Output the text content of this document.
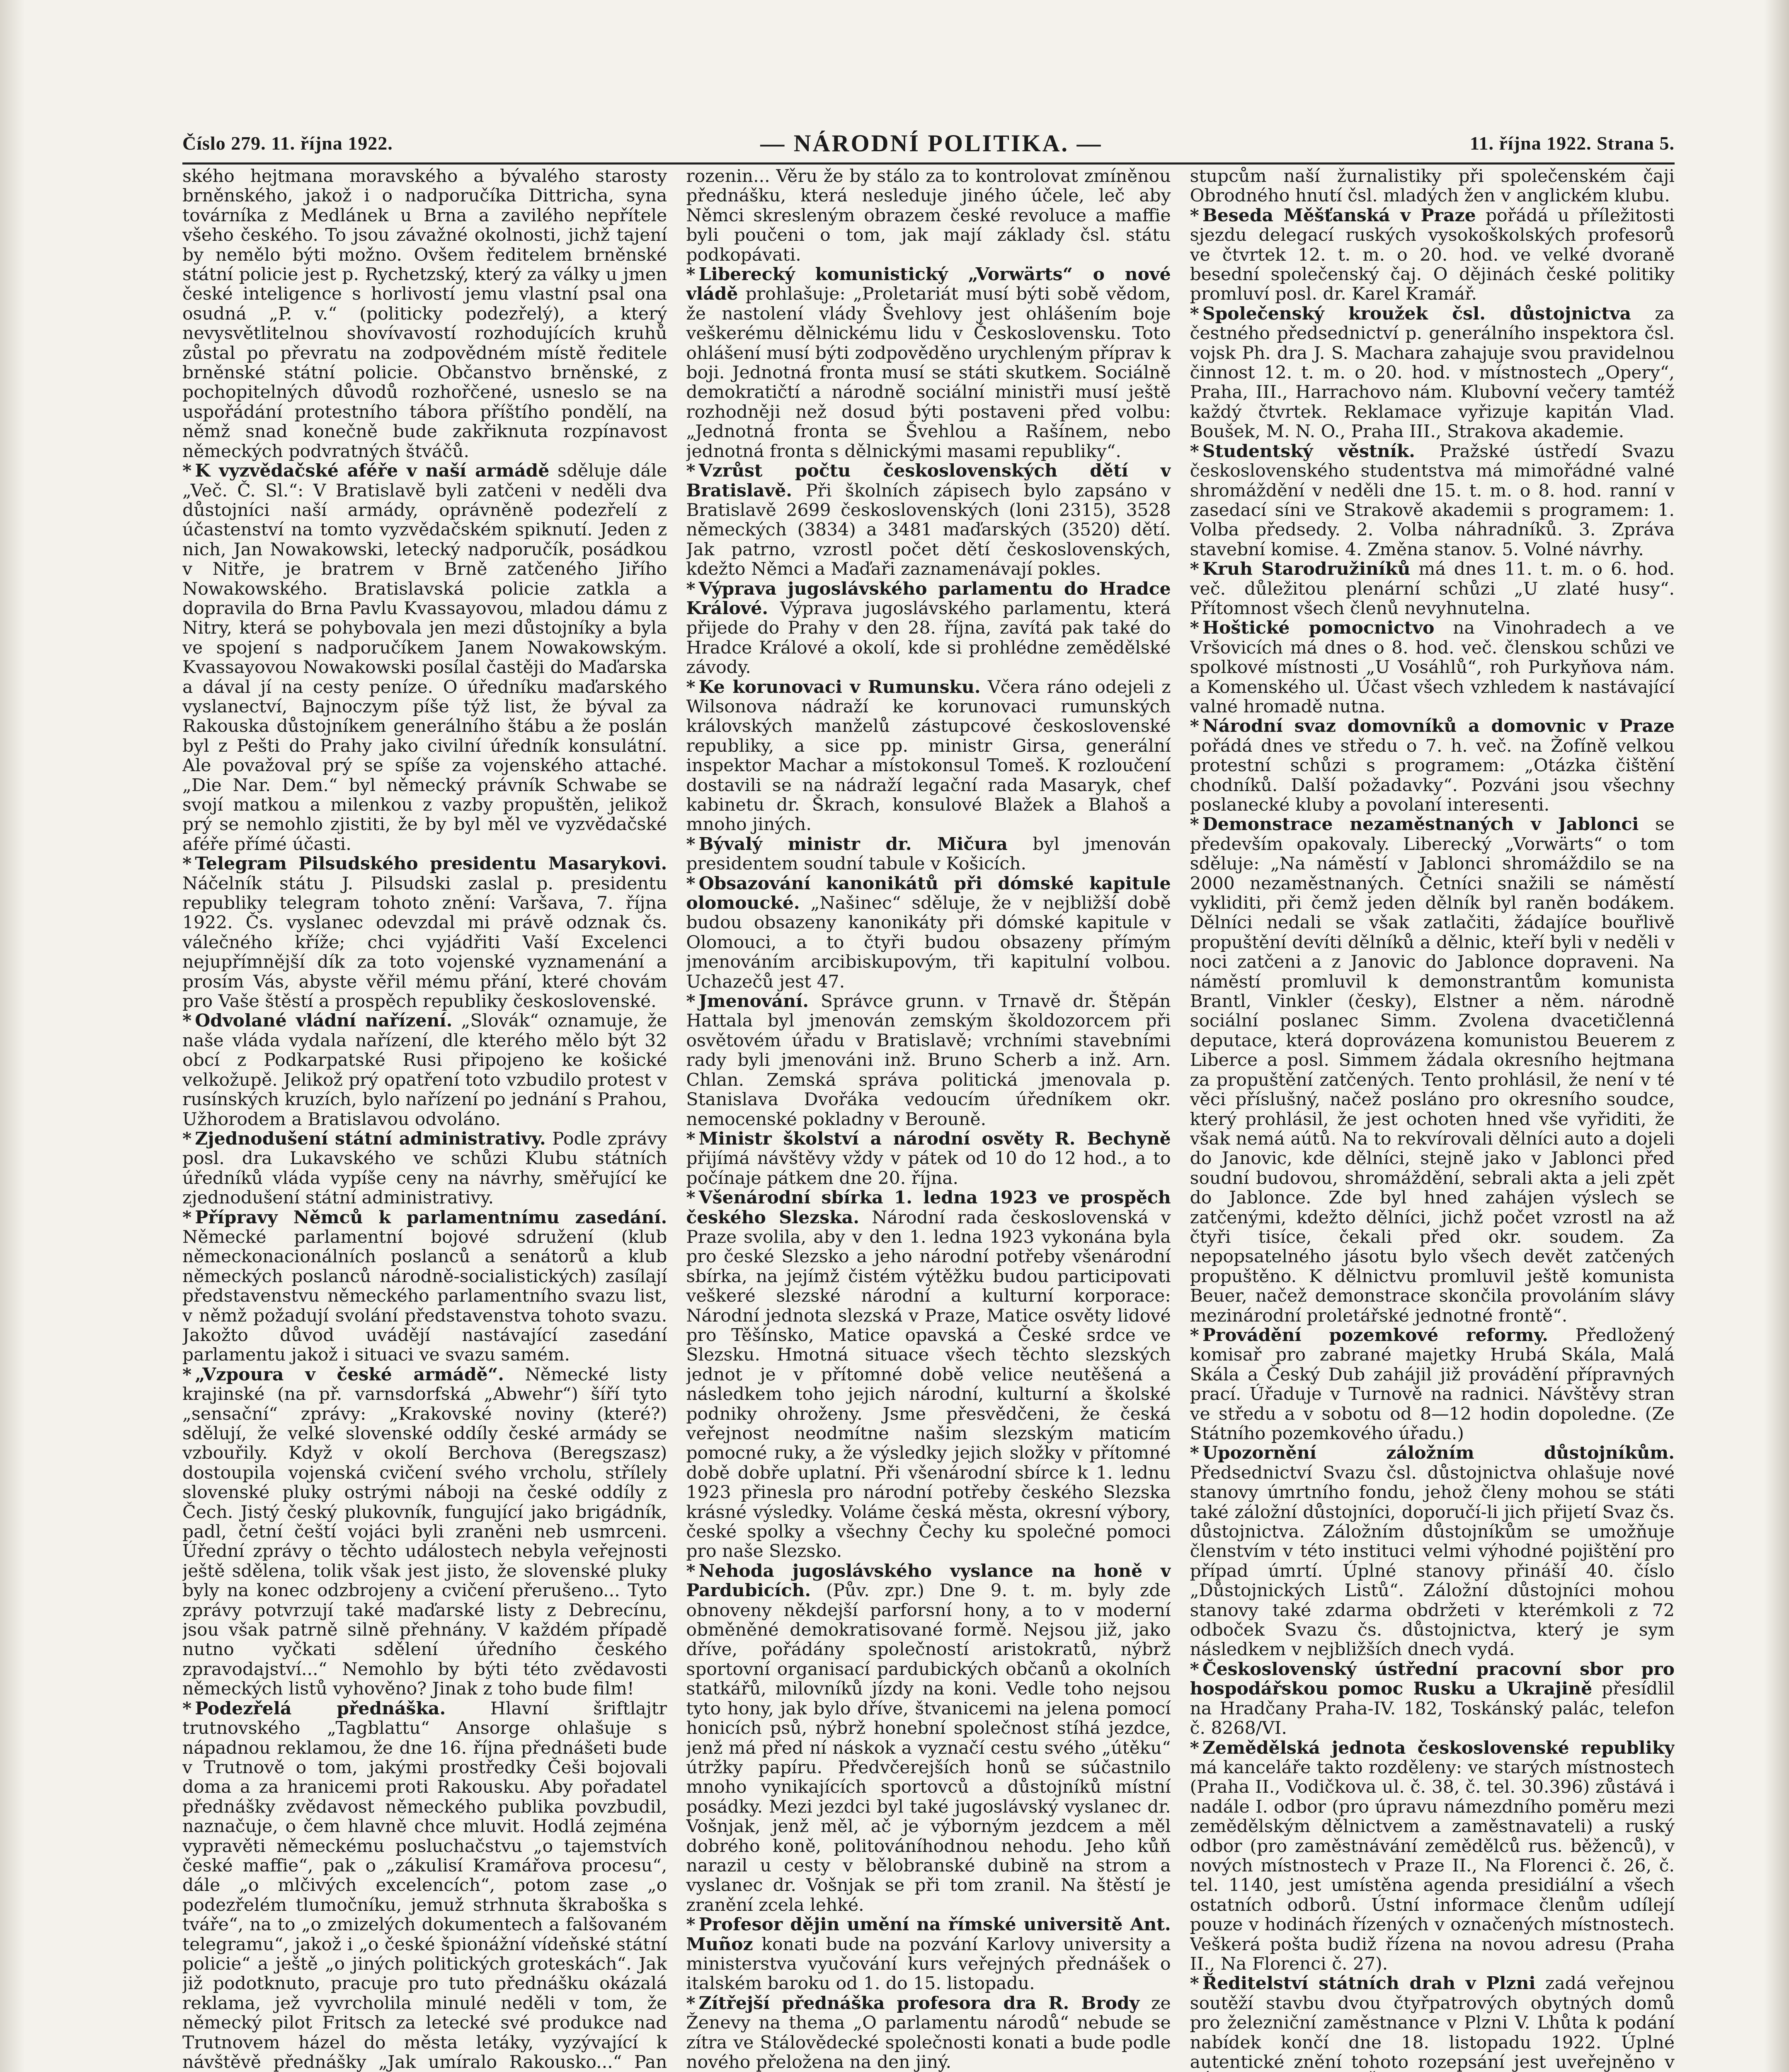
Číslo 279. 11. října 1922.	— NÁRODNÍ POLITIKA. —	11. října 1922. Strana 5.

ského hejtmana moravského a bývalého starosty brněnského, jakož i o nadporučíka Dittricha, syna továrníka z Medlánek u Brna a zavilého nepřítele všeho českého. To jsou závažné okolnosti, jichž tajení by nemělo býti možno. Ovšem ředitelem brněnské státní policie jest p. Rychetzský, který za války u jmen české inteligence s horlivostí jemu vlastní psal ona osudná „P. v.“ (politicky podezřelý), a který nevysvětlitelnou shovívavostí rozhodujících kruhů zůstal po převratu na zodpovědném místě ředitele brněnské státní policie. Občanstvo brněnské, z pochopitelných důvodů rozhořčené, usneslo se na uspořádání protestního tábora příštího pondělí, na němž snad konečně bude zakřiknuta rozpínavost německých podvratných štváčů.

* K vyzvědačské aféře v naší armádě sděluje dále „Več. Č. Sl.“: V Bratislavě byli zatčeni v neděli dva důstojníci naší armády, oprávněně podezřelí z účastenství na tomto vyzvědačském spiknutí. Jeden z nich, Jan Nowakowski, letecký nadporučík, posádkou v Nitře, je bratrem v Brně zatčeného Jiřího Nowakowského. Bratislavská policie zatkla a dopravila do Brna Pavlu Kvassayovou, mladou dámu z Nitry, která se pohybovala jen mezi důstojníky a byla ve spojení s nadporučíkem Janem Nowakowským. Kvassayovou Nowakowski posílal častěji do Maďarska a dával jí na cesty peníze. O úředníku maďarského vyslanectví, Bajnoczym píše týž list, že býval za Rakouska důstojníkem generálního štábu a že poslán byl z Pešti do Prahy jako civilní úředník konsulátní. Ale považoval prý se spíše za vojenského attaché. „Die Nar. Dem.“ byl německý právník Schwabe se svojí matkou a milenkou z vazby propuštěn, jelikož prý se nemohlo zjistiti, že by byl měl ve vyzvědačské aféře přímé účasti.

* Telegram Pilsudského presidentu Masarykovi. Náčelník státu J. Pilsudski zaslal p. presidentu republiky telegram tohoto znění: Varšava, 7. října 1922. Čs. vyslanec odevzdal mi právě odznak čs. válečného kříže; chci vyjádřiti Vaší Excelenci nejupřímnější dík za toto vojenské vyznamenání a prosím Vás, abyste věřil mému přání, které chovám pro Vaše štěstí a prospěch republiky československé.

* Odvolané vládní nařízení. „Slovák“ oznamuje, že naše vláda vydala nařízení, dle kterého mělo být 32 obcí z Podkarpatské Rusi připojeno ke košické velkožupě. Jelikož prý opatření toto vzbudilo protest v rusínských kruzích, bylo nařízení po jednání s Prahou, Užhorodem a Bratislavou odvoláno.

* Zjednodušení státní administrativy. Podle zprávy posl. dra Lukavského ve schůzi Klubu státních úředníků vláda vypíše ceny na návrhy, směřující ke zjednodušení státní administrativy.

* Přípravy Němců k parlamentnímu zasedání. Německé parlamentní bojové sdružení (klub německonacionálních poslanců a senátorů a klub německých poslanců národně-socialistických) zasílají představenstvu německého parlamentního svazu list, v němž požadují svolání představenstva tohoto svazu. Jakožto důvod uvádějí nastávající zasedání parlamentu jakož i situaci ve svazu samém.

* „Vzpoura v české armádě“. Německé listy krajinské (na př. varnsdorfská „Abwehr“) šíří tyto „sensační“ zprávy: „Krakovské noviny (které?) sdělují, že velké slovenské oddíly české armády se vzbouřily. Když v okolí Berchova (Beregszasz) dostoupila vojenská cvičení svého vrcholu, střílely slovenské pluky ostrými náboji na české oddíly z Čech. Jistý český plukovník, fungující jako brigádník, padl, četní čeští vojáci byli zraněni neb usmrceni. Úřední zprávy o těchto událostech nebyla veřejnosti ještě sdělena, tolik však jest jisto, že slovenské pluky byly na konec odzbrojeny a cvičení přerušeno... Tyto zprávy potvrzují také maďarské listy z Debrecínu, jsou však patrně silně přehnány. V každém případě nutno vyčkati sdělení úředního českého zpravodajství...“ Nemohlo by býti této zvědavosti německých listů vyhověno? Jinak z toho bude film!

* Podezřelá přednáška.	Hlavní šriftlajtr trutnovského „Tagblattu“ Ansorge ohlašuje s nápadnou reklamou, že dne 16. října přednášeti bude v Trutnově o tom, jakými prostředky Češi bojovali doma a za hranicemi proti Rakousku. Aby pořadatel přednášky zvědavost německého publika povzbudil, naznačuje, o čem hlavně chce mluvit. Hodlá zejména vypravěti německému posluchačstvu „o tajemstvích české maffie“, pak o „zákulisí Kramářova procesu“, dále „o mlčivých excelencích“, potom zase „o podezřelém tlumočníku, jemuž strhnuta škraboška s tváře“, na to „o zmizelých dokumentech a falšovaném telegramu“, jakož i „o české špionážní vídeňské státní policie“ a ještě „o jiných politických groteskách“. Jak již podotknuto, pracuje pro tuto přednášku okázalá reklama, jež vyvrcholila minulé neděli v tom, že německý pilot Fritsch za letecké své produkce nad Trutnovem házel do města letáky, vyzývající k návštěvě přednášky „Jak umíralo Rakousko...“ Pan

rozenin... Věru že by stálo za to kontrolovat zmíněnou přednášku, která nesleduje jiného účele, leč aby Němci skresleným obrazem české revoluce a maffie byli poučeni o tom, jak mají základy čsl. státu podkopávati.

* Liberecký komunistický „Vorwärts“ o nové vládě prohlašuje: „Proletariát musí býti sobě vědom, že nastolení vlády Švehlovy jest ohlášením boje veškerému dělnickému lidu v Československu. Toto ohlášení musí býti zodpověděno urychleným příprav k boji. Jednotná fronta musí se státi skutkem. Sociálně demokratičtí a národně sociální ministři musí ještě rozhodněji než dosud býti postaveni před volbu: „Jednotná fronta se Švehlou a Rašínem, nebo jednotná fronta s dělnickými masami republiky“.

* Vzrůst počtu československých dětí v Bratislavě. Při školních zápisech bylo zapsáno v Bratislavě 2699 československých (loni 2315), 3528 německých (3834) a 3481 maďarských (3520) dětí. Jak patrno, vzrostl počet dětí československých, kdežto Němci a Maďaři zaznamenávají pokles.

* Výprava jugoslávského parlamentu do Hradce Králové. Výprava jugoslávského parlamentu, která přijede do Prahy v den 28. října, zavítá pak také do Hradce Králové a okolí, kde si prohlédne zemědělské závody.

* Ke korunovaci v Rumunsku. Včera ráno odejeli z Wilsonova nádraží ke korunovaci rumunských královských manželů zástupcové československé republiky, a sice pp. ministr Girsa, generální inspektor Machar a místokonsul Tomeš. K rozloučení dostavili se na nádraží legační rada Masaryk, chef kabinetu dr. Škrach, konsulové Blažek a Blahoš a mnoho jiných.

* Bývalý ministr dr. Mičura byl jmenován presidentem soudní tabule v Košicích.

* Obsazování kanonikátů při dómské kapitule olomoucké. „Našinec“ sděluje, že v nejbližší době budou obsazeny kanonikáty při dómské kapitule v Olomouci, a to čtyři budou obsazeny přímým jmenováním arcibiskupovým, tři kapitulní volbou. Uchazečů jest 47.

* Jmenování. Správce grunn. v Trnavě dr. Štěpán Hattala byl jmenován zemským školdozorcem při osvětovém úřadu v Bratislavě; vrchními stavebními rady byli jmenováni inž. Bruno Scherb a inž. Arn. Chlan. Zemská správa politická jmenovala p. Stanislava Dvořáka vedoucím úředníkem okr. nemocenské pokladny v Berouně.

* Ministr školství a národní osvěty R. Bechyně přijímá návštěvy vždy v pátek od 10 do 12 hod., a to počínaje pátkem dne 20. října.

* Všenárodní sbírka 1. ledna 1923 ve prospěch českého Slezska. Národní rada československá v Praze svolila, aby v den 1. ledna 1923 vykonána byla pro české Slezsko a jeho národní potřeby všenárodní sbírka, na jejímž čistém výtěžku budou participovati veškeré slezské národní a kulturní korporace: Národní jednota slezská v Praze, Matice osvěty lidové pro Těšínsko, Matice opavská a České srdce ve Slezsku. Hmotná situace všech těchto slezských jednot je v přítomné době velice neutěšená a následkem toho jejich národní, kulturní a školské podniky ohroženy. Jsme přesvědčeni, že česká veřejnost neodmítne našim slezským maticím pomocné ruky, a že výsledky jejich složky v přítomné době dobře uplatní. Při všenárodní sbírce k 1. lednu 1923 přinesla pro národní potřeby českého Slezska krásné výsledky. Voláme česká města, okresní výbory, české spolky a všechny Čechy ku společné pomoci pro naše Slezsko.

* Nehoda jugoslávského vyslance na honě v Pardubicích. (Pův. zpr.) Dne 9. t. m. byly zde obnoveny někdejší parforsní hony, a to v moderní obměněné demokratisované formě. Nejsou již, jako dříve, pořádány společností aristokratů, nýbrž sportovní organisací pardubických občanů a okolních statkářů, milovníků jízdy na koni. Vedle toho nejsou tyto hony, jak bylo dříve, štvanicemi na jelena pomocí honicích psů, nýbrž honební společnost stíhá jezdce, jenž má před ní náskok a vyznačí cestu svého „útěku“ útržky papíru. Předvčerejších honů se súčastnilo mnoho vynikajících sportovců a důstojníků místní posádky. Mezi jezdci byl také jugoslávský vyslanec dr. Vošnjak, jenž měl, ač je výborným jezdcem a měl dobrého koně, politováníhodnou nehodu. Jeho kůň narazil u cesty v bělobranské dubině na strom a vyslanec dr. Vošnjak se při tom zranil. Na štěstí je zranění zcela lehké.

* Profesor dějin umění na římské universitě Ant. Muñoz konati bude na pozvání Karlovy university a ministerstva vyučování kurs veřejných přednášek o italském baroku od 1. do 15. listopadu.

* Zítřejší přednáška profesora dra R. Brody ze Ženevy na thema „O parlamentu národů“ nebude se zítra ve Stálovědecké společnosti konati a bude podle nového přeložena na den jiný.

stupcům naší žurnalistiky při společenském čaji Obrodného hnutí čsl. mladých žen v anglickém klubu.

* Beseda Měšťanská v Praze pořádá u příležitosti sjezdu delegací ruských vysokoškolských profesorů ve čtvrtek 12. t. m. o 20. hod. ve velké dvoraně besední společenský čaj. O dějinách české politiky promluví posl. dr. Karel Kramář.

* Společenský kroužek čsl. důstojnictva za čestného předsednictví p. generálního inspektora čsl. vojsk Ph. dra J. S. Machara zahajuje svou pravidelnou činnost 12. t. m. o 20. hod. v místnostech „Opery“, Praha, III., Harrachovo nám. Klubovní večery tamtéž každý čtvrtek. Reklamace vyřizuje kapitán Vlad. Boušek, M. N. O., Praha III., Strakova akademie.

* Studentský věstník. Pražské ústředí Svazu československého studentstva má mimořádné valné shromáždění v neděli dne 15. t. m. o 8. hod. ranní v zasedací síni ve Strakově akademii s programem: 1. Volba předsedy. 2. Volba náhradníků. 3. Zpráva stavební komise. 4. Změna stanov. 5. Volné návrhy.

* Kruh Starodružiníků má dnes 11. t. m. o 6. hod. več. důležitou plenární schůzi „U zlaté husy“. Přítomnost všech členů nevyhnutelna.

* Hoštické pomocnictvo na Vinohradech a ve Vršovicích má dnes o 8. hod. več. členskou schůzi ve spolkové místnosti „U Vosáhlů“, roh Purkyňova nám. a Komenského ul. Účast všech vzhledem k nastávající valné hromadě nutna.

* Národní svaz domovníků a domovnic v Praze pořádá dnes ve středu o 7. h. več. na Žofíně velkou protestní schůzi s programem: „Otázka čištění chodníků. Další požadavky“. Pozváni jsou všechny poslanecké kluby a povolaní interesenti.

* Demonstrace nezaměstnaných v Jablonci se především opakovaly. Liberecký „Vorwärts“ o tom sděluje: „Na náměstí v Jablonci shromáždilo se na 2000 nezaměstnaných. Četníci snažili se náměstí vykliditi, při čemž jeden dělník byl raněn bodákem. Dělníci nedali se však zatlačiti, žádajíce bouřlivě propuštění devíti dělníků a dělnic, kteří byli v neděli v noci zatčeni a z Janovic do Jablonce dopraveni. Na náměstí promluvil k demonstrantům komunista Brantl, Vinkler (česky), Elstner a něm. národně sociální poslanec Simm. Zvolena dvacetičlenná deputace, která doprovázena komunistou Beuerem z Liberce a posl. Simmem žádala okresního hejtmana za propuštění zatčených. Tento prohlásil, že není v té věci příslušný, načež posláno pro okresního soudce, který prohlásil, že jest ochoten hned vše vyřiditi, že však nemá aútů. Na to rekvírovali dělníci auto a dojeli do Janovic, kde dělníci, stejně jako v Jablonci před soudní budovou, shromáždění, sebrali akta a jeli zpět do Jablonce. Zde byl hned zahájen výslech se zatčenými, kdežto dělníci, jichž počet vzrostl na až čtyři tisíce, čekali před okr. soudem. Za nepopsatelného jásotu bylo všech devět zatčených propuštěno. K dělnictvu promluvil ještě komunista Beuer, načež demonstrace skončila provoláním slávy mezinárodní proletářské jednotné frontě“.

* Provádění pozemkové reformy. Předložený komisař pro zabrané majetky Hrubá Skála, Malá Skála a Český Dub zahájil již provádění přípravných prací. Úřaduje v Turnově na radnici. Návštěvy stran ve středu a v sobotu od 8—12 hodin dopoledne. (Ze Státního pozemkového úřadu.)

* Upozornění záložním důstojníkům. Předsednictví Svazu čsl. důstojnictva ohlašuje nové stanovy úmrtního fondu, jehož členy mohou se státi také záložní důstojníci, doporučí-li jich přijetí Svaz čs. důstojnictva. Záložním důstojníkům se umožňuje členstvím v této instituci velmi výhodné pojištění pro případ úmrtí. Úplné stanovy přináší 40. číslo „Důstojnických Listů“. Záložní důstojníci mohou stanovy také zdarma obdržeti v kterémkoli z 72 odboček Svazu čs. důstojnictva, který je sym následkem v nejbližších dnech vydá.

* Československý ústřední pracovní sbor pro hospodářskou pomoc Rusku a Ukrajině přesídlil na Hradčany Praha-IV. 182, Toskánský palác, telefon č. 8268/VI.

* Zemědělská jednota československé republiky má kanceláře takto rozděleny: ve starých místnostech (Praha II., Vodičkova ul. č. 38, č. tel. 30.396) zůstává i nadále I. odbor (pro úpravu námezdního poměru mezi zemědělským dělnictvem a zaměstnavateli) a ruský odbor (pro zaměstnávání zemědělců rus. běženců), v nových místnostech v Praze II., Na Florenci č. 26, č. tel. 1140, jest umístěna agenda presidiální a všech ostatních odborů. Ústní informace členům udílejí pouze v hodinách řízených v označených místnostech. Veškerá pošta budiž řízena na novou adresu (Praha II., Na Florenci č. 27).

* Ředitelství státních drah v Plzni zadá veřejnou soutěží stavbu dvou čtyřpatrových obytných domů pro železniční zaměstnance v Plzni V. Lhůta k podání nabídek končí dne 18. listopadu 1922. Úplné autentické znění tohoto rozepsání jest uveřejněno v
